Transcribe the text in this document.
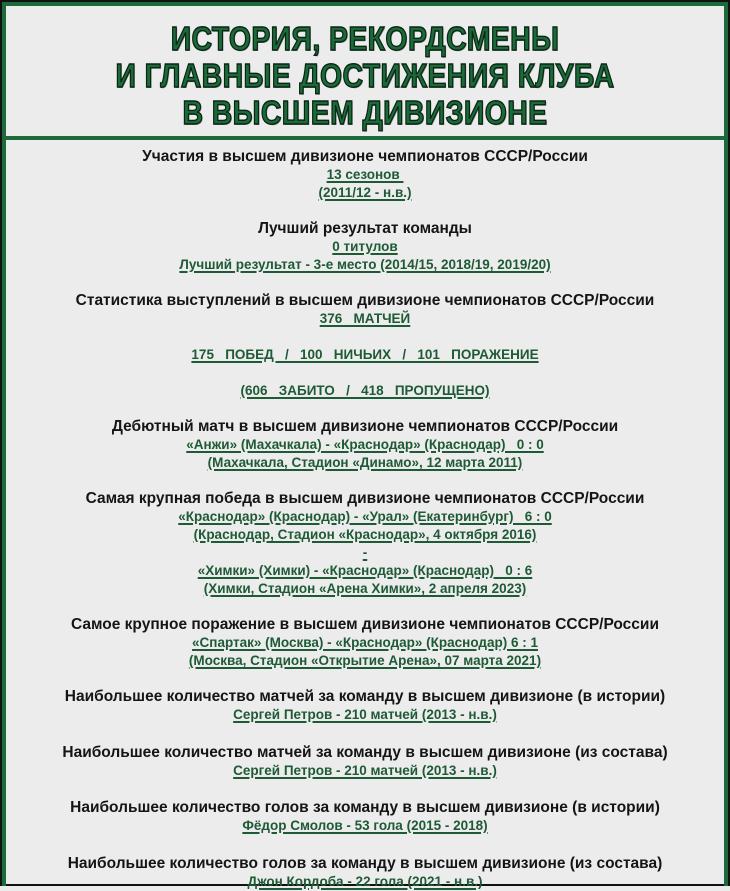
ИСТОРИЯ, РЕКОРДСМЕНЫ
И ГЛАВНЫЕ ДОСТИЖЕНИЯ КЛУБА
В ВЫСШЕМ ДИВИЗИОНЕ
Участия в высшем дивизионе чемпионатов СССР/России
13 сезонов
(2011/12 - н.в.)
Лучший результат команды
0 титулов
Лучший результат - 3-е место (2014/15, 2018/19, 2019/20)
Статистика выступлений в высшем дивизионе чемпионатов СССР/России
376   МАТЧЕЙ
175   ПОБЕД   /   100   НИЧЬИХ   /   101   ПОРАЖЕНИЕ
(606   ЗАБИТО   /   418   ПРОПУЩЕНО)
Дебютный матч в высшем дивизионе чемпионатов СССР/России
«Анжи» (Махачкала) - «Краснодар» (Краснодар)   0 : 0
(Махачкала, Стадион «Динамо», 12 марта 2011)
Самая крупная победа в высшем дивизионе чемпионатов СССР/России
«Краснодар» (Краснодар) - «Урал» (Екатеринбург)   6 : 0
(Краснодар, Стадион «Краснодар», 4 октября 2016)
-
«Химки» (Химки) - «Краснодар» (Краснодар)   0 : 6
(Химки, Стадион «Арена Химки», 2 апреля 2023)
Самое крупное поражение в высшем дивизионе чемпионатов СССР/России
«Спартак» (Москва) - «Краснодар» (Краснодар) 6 : 1
(Москва, Стадион «Открытие Арена», 07 марта 2021)
Наибольшее количество матчей за команду в высшем дивизионе (в истории)
Сергей Петров - 210 матчей (2013 - н.в.)
Наибольшее количество матчей за команду в высшем дивизионе (из состава)
Сергей Петров - 210 матчей (2013 - н.в.)
Наибольшее количество голов за команду в высшем дивизионе (в истории)
Фёдор Смолов - 53 гола (2015 - 2018)
Наибольшее количество голов за команду в высшем дивизионе (из состава)
Джон Кордоба - 22 гола (2021 - н.в.)
